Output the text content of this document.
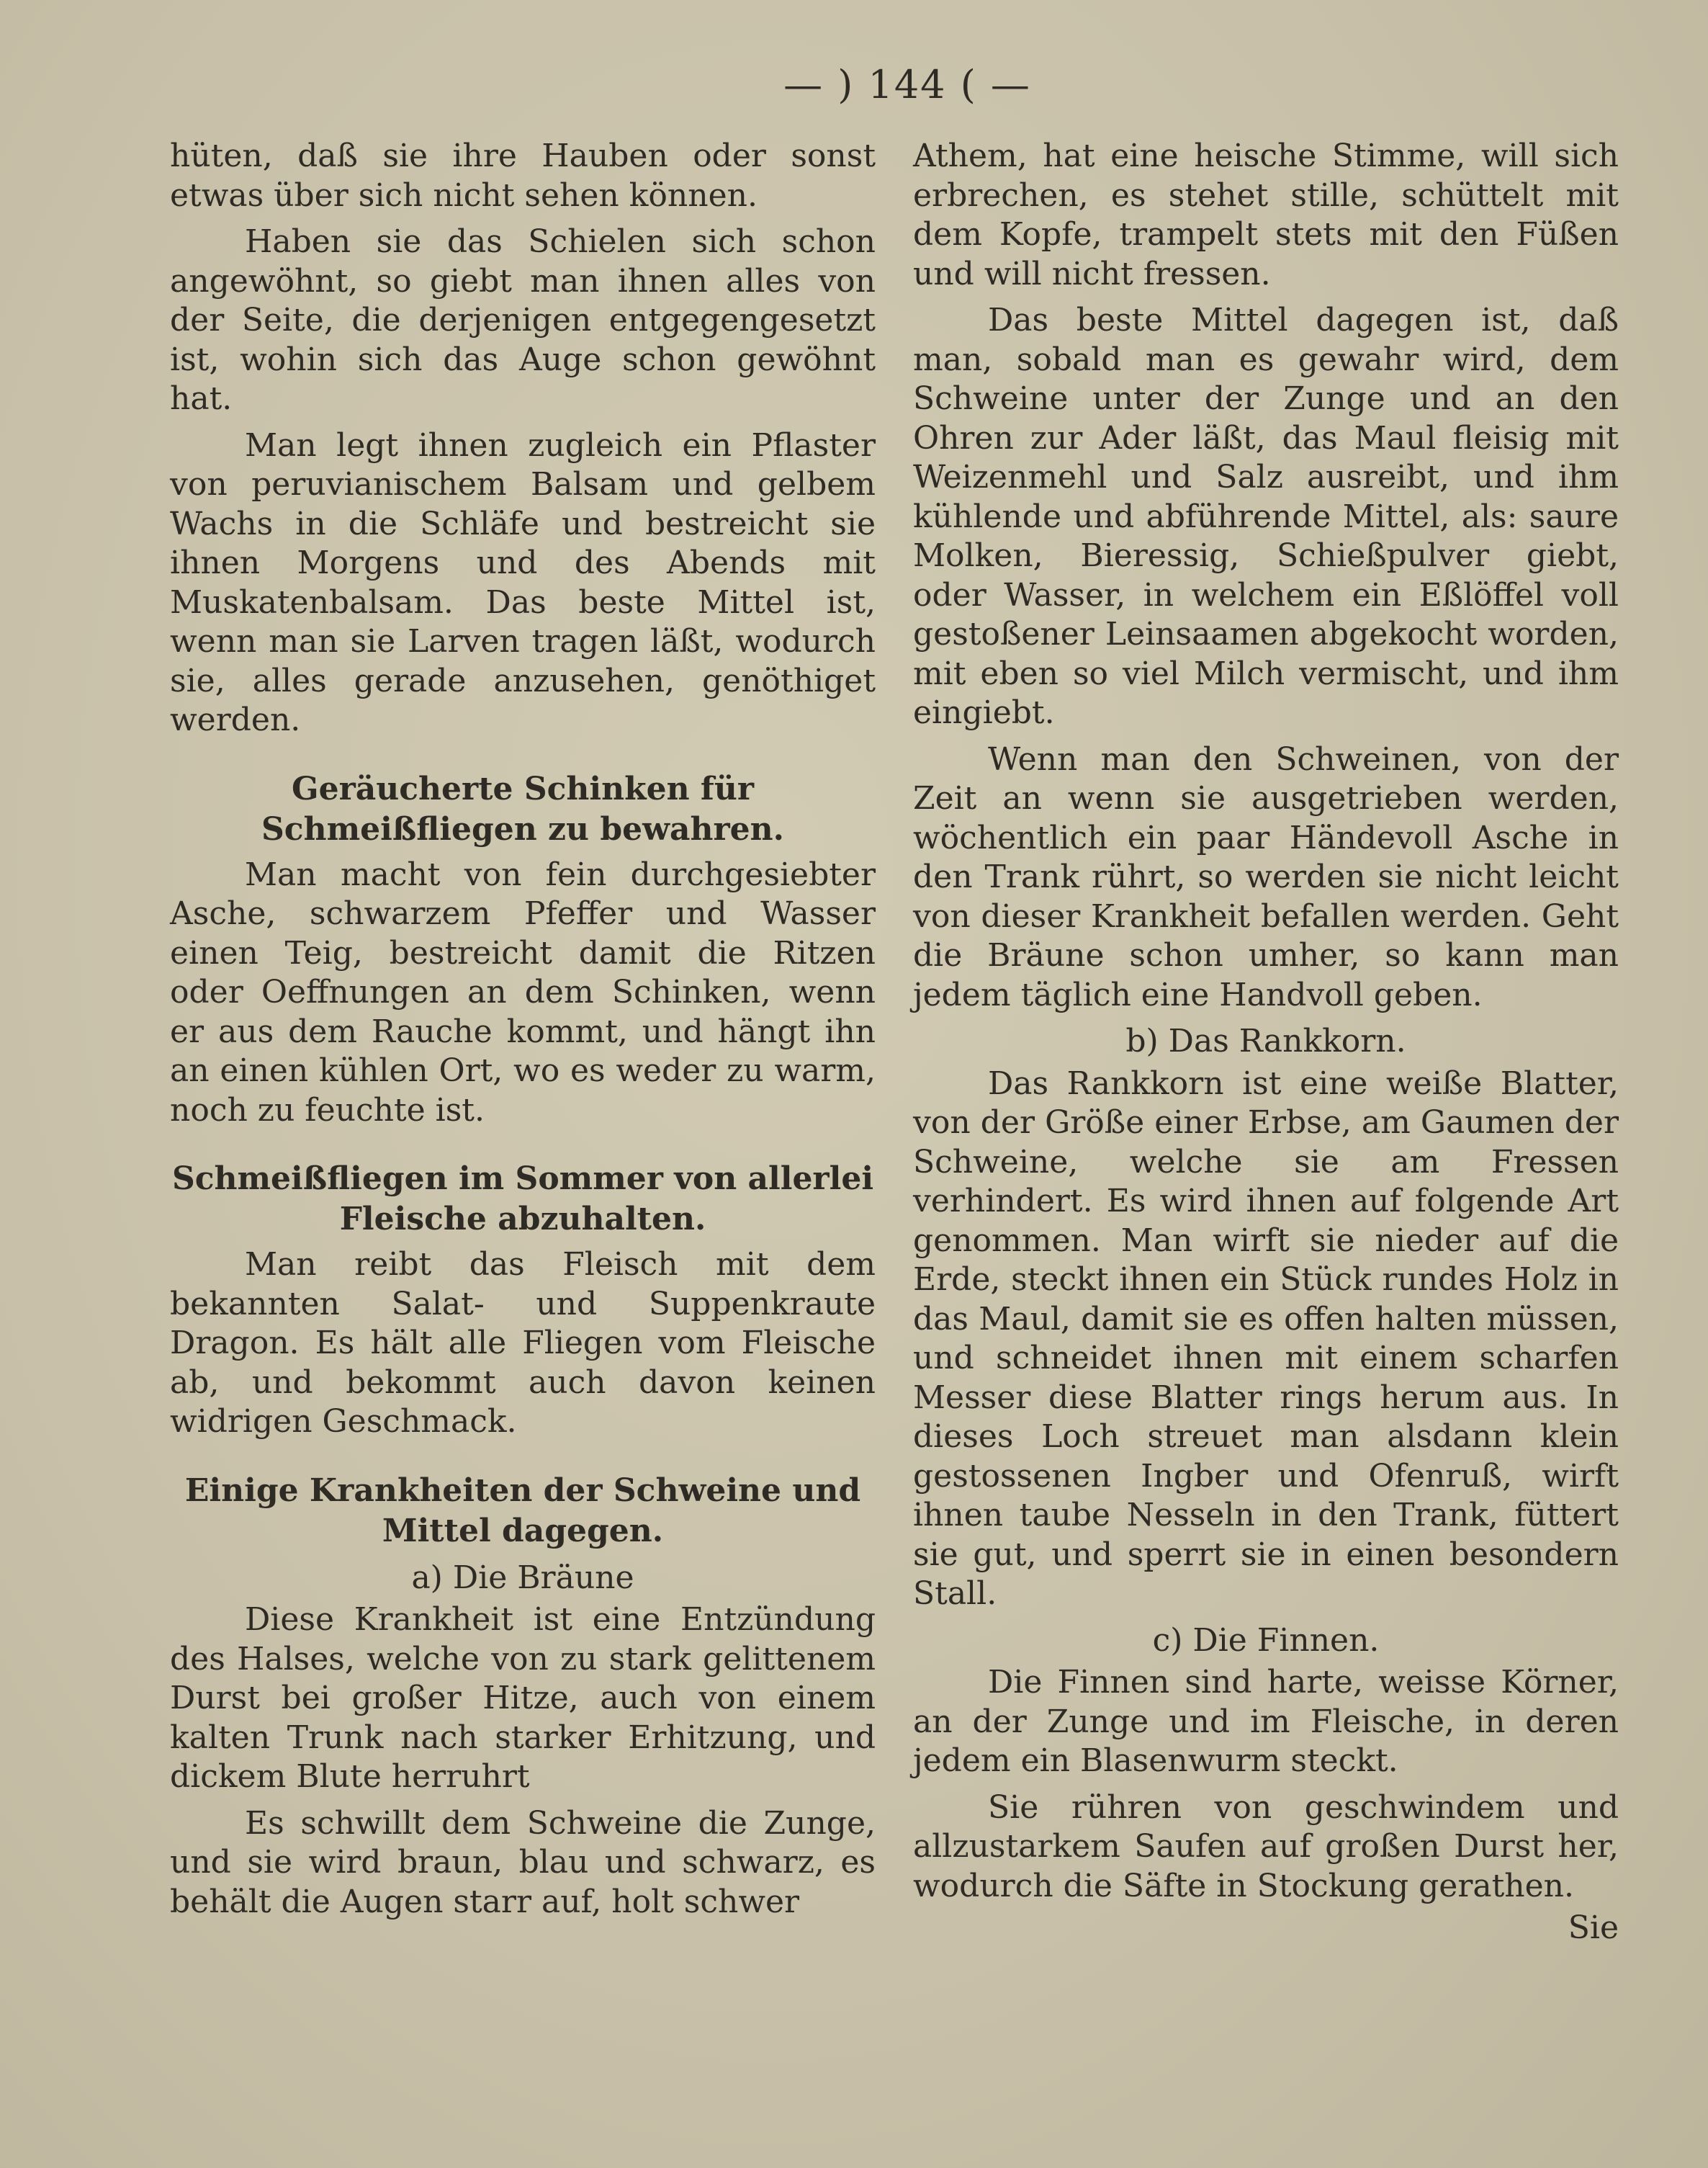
— ) 144 ( —

hüten, daß sie ihre Hauben oder sonst etwas über sich nicht sehen können.

Haben sie das Schielen sich schon angewöhnt, so giebt man ihnen alles von der Seite, die derjenigen entgegengesetzt ist, wohin sich das Auge schon gewöhnt hat.

Man legt ihnen zugleich ein Pflaster von peruvianischem Balsam und gelbem Wachs in die Schläfe und bestreicht sie ihnen Morgens und des Abends mit Muskatenbalsam. Das beste Mittel ist, wenn man sie Larven tragen läßt, wodurch sie, alles gerade anzusehen, genöthiget werden.

Geräucherte Schinken für Schmeißfliegen zu bewahren.

Man macht von fein durchgesiebter Asche, schwarzem Pfeffer und Wasser einen Teig, bestreicht damit die Ritzen oder Oeffnungen an dem Schinken, wenn er aus dem Rauche kommt, und hängt ihn an einen kühlen Ort, wo es weder zu warm, noch zu feuchte ist.

Schmeißfliegen im Sommer von allerlei Fleische abzuhalten.

Man reibt das Fleisch mit dem bekannten Salat- und Suppenkraute Dragon. Es hält alle Fliegen vom Fleische ab, und bekommt auch davon keinen widrigen Geschmack.

Einige Krankheiten der Schweine und Mittel dagegen.
a) Die Bräune

Diese Krankheit ist eine Entzündung des Halses, welche von zu stark gelittenem Durst bei großer Hitze, auch von einem kalten Trunk nach starker Erhitzung, und dickem Blute herruhrt

Es schwillt dem Schweine die Zunge, und sie wird braun, blau und schwarz, es behält die Augen starr auf, holt schwer

Athem, hat eine heische Stimme, will sich erbrechen, es stehet stille, schüttelt mit dem Kopfe, trampelt stets mit den Füßen und will nicht fressen.

Das beste Mittel dagegen ist, daß man, sobald man es gewahr wird, dem Schweine unter der Zunge und an den Ohren zur Ader läßt, das Maul fleisig mit Weizenmehl und Salz ausreibt, und ihm kühlende und abführende Mittel, als: saure Molken, Bieressig, Schießpulver giebt, oder Wasser, in welchem ein Eßlöffel voll gestoßener Leinsaamen abgekocht worden, mit eben so viel Milch vermischt, und ihm eingiebt.

Wenn man den Schweinen, von der Zeit an wenn sie ausgetrieben werden, wöchentlich ein paar Händevoll Asche in den Trank rührt, so werden sie nicht leicht von dieser Krankheit befallen werden. Geht die Bräune schon umher, so kann man jedem täglich eine Handvoll geben.

b) Das Rankkorn.

Das Rankkorn ist eine weiße Blatter, von der Größe einer Erbse, am Gaumen der Schweine, welche sie am Fressen verhindert. Es wird ihnen auf folgende Art genommen. Man wirft sie nieder auf die Erde, steckt ihnen ein Stück rundes Holz in das Maul, damit sie es offen halten müssen, und schneidet ihnen mit einem scharfen Messer diese Blatter rings herum aus. In dieses Loch streuet man alsdann klein gestossenen Ingber und Ofenruß, wirft ihnen taube Nesseln in den Trank, füttert sie gut, und sperrt sie in einen besondern Stall.

c) Die Finnen.

Die Finnen sind harte, weisse Körner, an der Zunge und im Fleische, in deren jedem ein Blasenwurm steckt.

Sie rühren von geschwindem und allzustarkem Saufen auf großen Durst her, wodurch die Säfte in Stockung gerathen.

Sie
